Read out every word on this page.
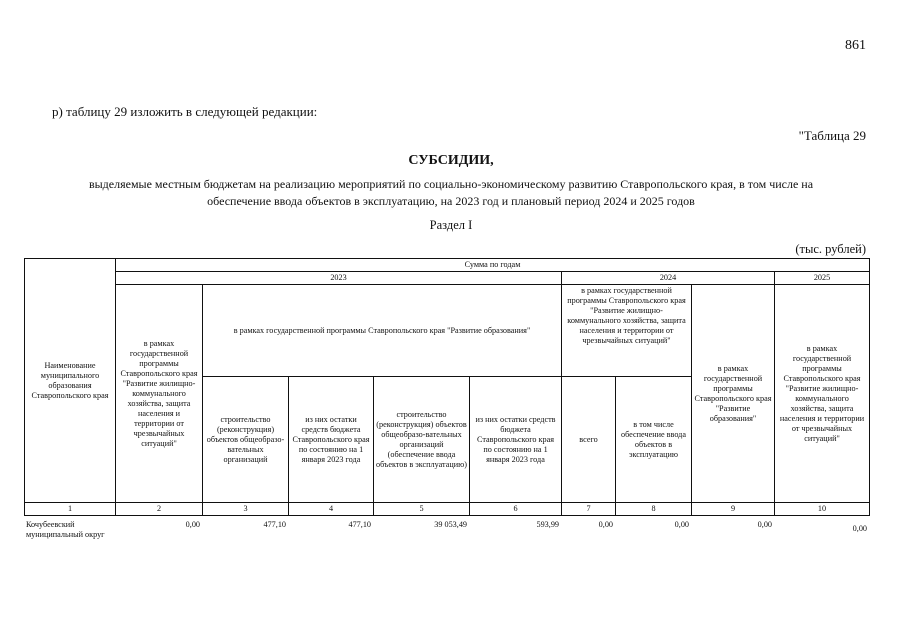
861
р) таблицу 29 изложить в следующей редакции:
"Таблица 29
СУБСИДИИ,
выделяемые местным бюджетам на реализацию мероприятий по социально-экономическому развитию Ставропольского края, в том числе на
обеспечение ввода объектов в эксплуатацию, на 2023 год и плановый период 2024 и 2025 годов
Раздел I
(тыс. рублей)
Наименование муниципального образования Ставропольского края	Сумма по годам								
	2023					2024			2025
	в рамках государственной программы Ставропольского края "Развитие жилищно-коммунального хозяйства, защита населения и территории от чрезвычайных ситуаций"	в рамках государственной программы Ставропольского края "Развитие образования"				в рамках государственной программы Ставропольского края "Развитие жилищно-коммунального хозяйства, защита населения и территории от чрезвычайных ситуаций"		в рамках государственной программы Ставропольского края "Развитие образования"	в рамках государственной программы Ставропольского края "Развитие жилищно-коммунального хозяйства, защита населения и территории от чрезвычайных ситуаций"
		строительство (реконструкция) объектов общеобразо-вательных организаций	из них остатки средств бюджета Ставропольского края по состоянию на 1 января 2023 года	строительство (реконструкция) объектов общеобразо-вательных организаций (обеспечение ввода объектов в эксплуатацию)	из них остатки средств бюджета Ставропольского края по состоянию на 1 января 2023 года	всего	в том числе обеспечение ввода объектов в эксплуатацию		
1	2	3	4	5	6	7	8	9	10
Кочубеевский муниципальный округ	0,00	477,10	477,10	39 053,49	593,99	0,00	0,00	0,00	0,00
